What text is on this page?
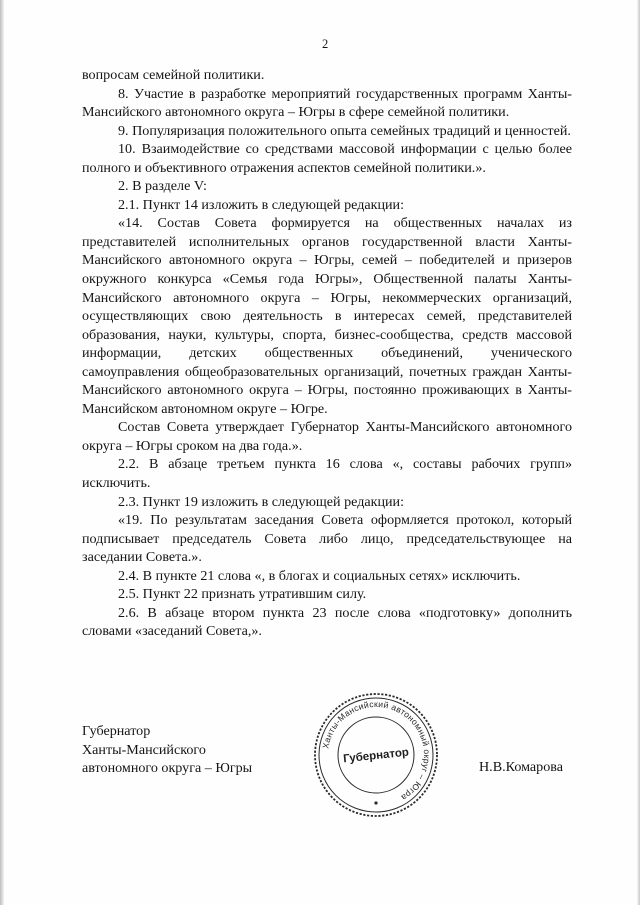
2

вопросам семейной политики.

8. Участие в разработке мероприятий государственных программ Ханты-Мансийского автономного округа – Югры в сфере семейной политики.

9. Популяризация положительного опыта семейных традиций и ценностей.

10. Взаимодействие со средствами массовой информации с целью более полного и объективного отражения аспектов семейной политики.».

2. В разделе V:

2.1. Пункт 14 изложить в следующей редакции:

«14. Состав Совета формируется на общественных началах из представителей исполнительных органов государственной власти Ханты-Мансийского автономного округа – Югры, семей – победителей и призеров окружного конкурса «Семья года Югры», Общественной палаты Ханты-Мансийского автономного округа – Югры, некоммерческих организаций, осуществляющих свою деятельность в интересах семей, представителей образования, науки, культуры, спорта, бизнес-сообщества, средств массовой информации, детских общественных объединений, ученического самоуправления общеобразовательных организаций, почетных граждан Ханты-Мансийского автономного округа – Югры, постоянно проживающих в Ханты-Мансийском автономном округе – Югре.

Состав Совета утверждает Губернатор Ханты-Мансийского автономного округа – Югры сроком на два года.».

2.2. В абзаце третьем пункта 16 слова «, составы рабочих групп» исключить.

2.3. Пункт 19 изложить в следующей редакции:

«19. По результатам заседания Совета оформляется протокол, который подписывает председатель Совета либо лицо, председательствующее на заседании Совета.».

2.4. В пункте 21 слова «, в блогах и социальных сетях» исключить.

2.5. Пункт 22 признать утратившим силу.

2.6. В абзаце втором пункта 23 после слова «подготовку» дополнить словами «заседаний Совета,».

Губернатор
Ханты-Мансийского
автономного округа – Югры
Ханты-Мансийский автономный округ – Югра
Губернатор
Н.В.Комарова
